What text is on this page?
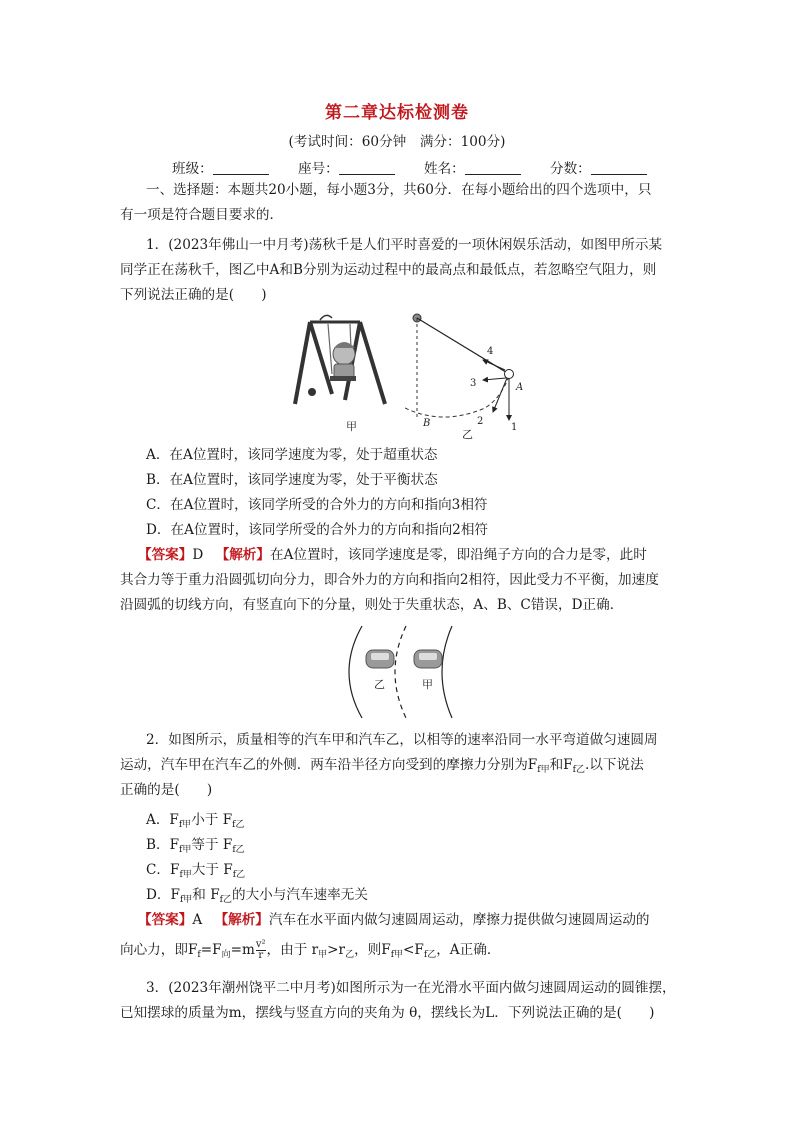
第二章达标检测卷
(考试时间：60分钟　满分：100分)
班级：	座号：	姓名：	分数：
一、选择题：本题共20小题，每小题3分，共60分．在每小题给出的四个选项中，只
有一项是符合题目要求的．
1．(2023年佛山一中月考)荡秋千是人们平时喜爱的一项休闲娱乐活动，如图甲所示某
同学正在荡秋千，图乙中A和B分别为运动过程中的最高点和最低点，若忽略空气阻力，则
下列说法正确的是(　　)
甲
4
3	A
B	2
1
乙
A．在A位置时，该同学速度为零，处于超重状态
B．在A位置时，该同学速度为零，处于平衡状态
C．在A位置时，该同学所受的合外力的方向和指向3相符
D．在A位置时，该同学所受的合外力的方向和指向2相符
【答案】D 【解析】在A位置时，该同学速度是零，即沿绳子方向的合力是零，此时
其合力等于重力沿圆弧切向分力，即合外力的方向和指向2相符，因此受力不平衡，加速度
沿圆弧的切线方向，有竖直向下的分量，则处于失重状态，A、B、C错误，D正确．
乙	甲
2．如图所示，质量相等的汽车甲和汽车乙，以相等的速率沿同一水平弯道做匀速圆周
运动，汽车甲在汽车乙的外侧．两车沿半径方向受到的摩擦力分别为$F_{f甲}$和$F_{f乙}$.以下说法
正确的是(　　)
A．$F_{f甲}$小于 $F_{f乙}$
B．$F_{f甲}$等于 $F_{f乙}$
C．$F_{f甲}$大于 $F_{f乙}$
D．$F_{f甲}$和 $F_{f乙}$的大小与汽车速率无关
【答案】A 【解析】汽车在水平面内做匀速圆周运动，摩擦力提供做匀速圆周运动的
向心力，即$F_f=F_向=m \frac{\text{v²}}{r}$ ，由于 $r_甲>r_乙$，则$F_{f甲}<F_{f乙}$，A正确．
3．(2023年潮州饶平二中月考)如图所示为一在光滑水平面内做匀速圆周运动的圆锥摆，
已知摆球的质量为m，摆线与竖直方向的夹角为 θ，摆线长为L．下列说法正确的是(　　)
